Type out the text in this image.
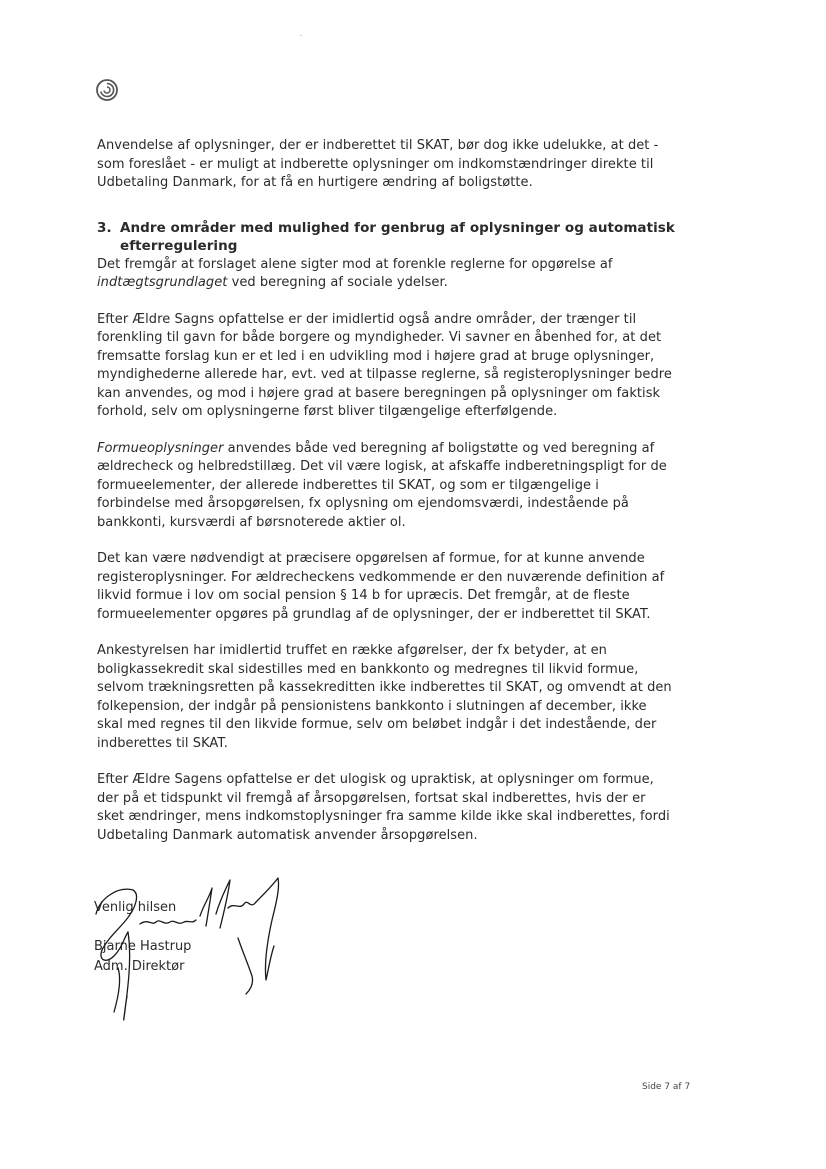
Anvendelse af oplysninger, der er indberettet til SKAT, bør dog ikke udelukke, at det -
som foreslået - er muligt at indberette oplysninger om indkomstændringer direkte til
Udbetaling Danmark, for at få en hurtigere ændring af boligstøtte.

3. Andre områder med mulighed for genbrug af oplysninger og automatisk
efterregulering

Det fremgår at forslaget alene sigter mod at forenkle reglerne for opgørelse af
indtægtsgrundlaget ved beregning af sociale ydelser.

Efter Ældre Sagns opfattelse er der imidlertid også andre områder, der trænger til
forenkling til gavn for både borgere og myndigheder. Vi savner en åbenhed for, at det
fremsatte forslag kun er et led i en udvikling mod i højere grad at bruge oplysninger,
myndighederne allerede har, evt. ved at tilpasse reglerne, så registeroplysninger bedre
kan anvendes, og mod i højere grad at basere beregningen på oplysninger om faktisk
forhold, selv om oplysningerne først bliver tilgængelige efterfølgende.

Formueoplysninger anvendes både ved beregning af boligstøtte og ved beregning af
ældrecheck og helbredstillæg. Det vil være logisk, at afskaffe indberetningspligt for de
formueelementer, der allerede indberettes til SKAT, og som er tilgængelige i
forbindelse med årsopgørelsen, fx oplysning om ejendomsværdi, indestående på
bankkonti, kursværdi af børsnoterede aktier ol.

Det kan være nødvendigt at præcisere opgørelsen af formue, for at kunne anvende
registeroplysninger. For ældrecheckens vedkommende er den nuværende definition af
likvid formue i lov om social pension § 14 b for upræcis. Det fremgår, at de fleste
formueelementer opgøres på grundlag af de oplysninger, der er indberettet til SKAT.

Ankestyrelsen har imidlertid truffet en række afgørelser, der fx betyder, at en
boligkassekredit skal sidestilles med en bankkonto og medregnes til likvid formue,
selvom trækningsretten på kassekreditten ikke indberettes til SKAT, og omvendt at den
folkepension, der indgår på pensionistens bankkonto i slutningen af december, ikke
skal med regnes til den likvide formue, selv om beløbet indgår i det indestående, der
indberettes til SKAT.

Efter Ældre Sagens opfattelse er det ulogisk og upraktisk, at oplysninger om formue,
der på et tidspunkt vil fremgå af årsopgørelsen, fortsat skal indberettes, hvis der er
sket ændringer, mens indkomstoplysninger fra samme kilde ikke skal indberettes, fordi
Udbetaling Danmark automatisk anvender årsopgørelsen.

Venlig hilsen
Bjarne Hastrup
Adm. Direktør
Side 7 af 7
